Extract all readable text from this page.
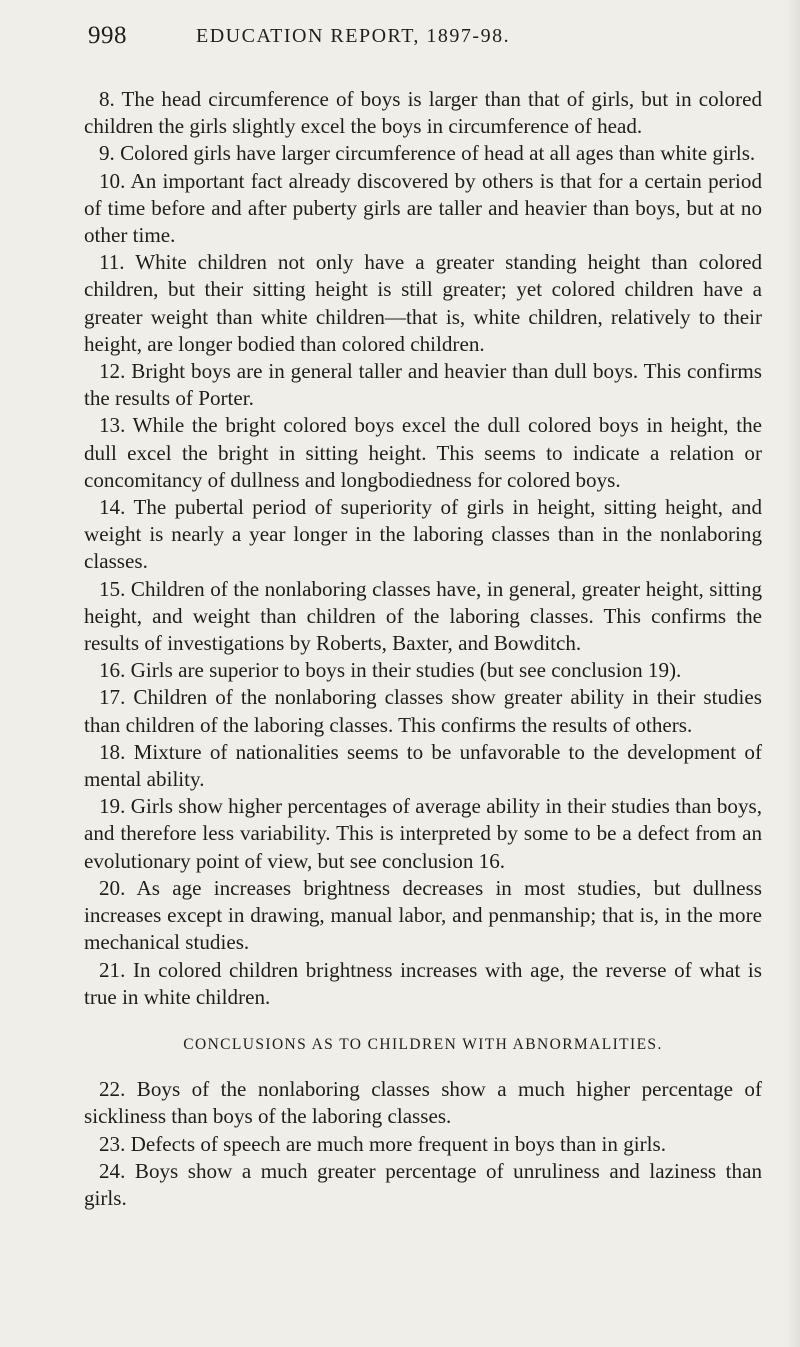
998	EDUCATION REPORT, 1897-98.

8. The head circumference of boys is larger than that of girls, but in colored children the girls slightly excel the boys in circumference of head.

9. Colored girls have larger circumference of head at all ages than white girls.

10. An important fact already discovered by others is that for a certain period of time before and after puberty girls are taller and heavier than boys, but at no other time.

11. White children not only have a greater standing height than colored children, but their sitting height is still greater; yet colored children have a greater weight than white children—that is, white children, relatively to their height, are longer bodied than colored children.

12. Bright boys are in general taller and heavier than dull boys. This confirms the results of Porter.

13. While the bright colored boys excel the dull colored boys in height, the dull excel the bright in sitting height. This seems to indicate a relation or concomitancy of dullness and longbodiedness for colored boys.

14. The pubertal period of superiority of girls in height, sitting height, and weight is nearly a year longer in the laboring classes than in the nonlaboring classes.

15. Children of the nonlaboring classes have, in general, greater height, sitting height, and weight than children of the laboring classes. This confirms the results of investigations by Roberts, Baxter, and Bowditch.

16. Girls are superior to boys in their studies (but see conclusion 19).

17. Children of the nonlaboring classes show greater ability in their studies than children of the laboring classes. This confirms the results of others.

18. Mixture of nationalities seems to be unfavorable to the development of mental ability.

19. Girls show higher percentages of average ability in their studies than boys, and therefore less variability. This is interpreted by some to be a defect from an evolutionary point of view, but see conclusion 16.

20. As age increases brightness decreases in most studies, but dullness increases except in drawing, manual labor, and penmanship; that is, in the more mechanical studies.

21. In colored children brightness increases with age, the reverse of what is true in white children.

CONCLUSIONS AS TO CHILDREN WITH ABNORMALITIES.

22. Boys of the nonlaboring classes show a much higher percentage of sickliness than boys of the laboring classes.

23. Defects of speech are much more frequent in boys than in girls.

24. Boys show a much greater percentage of unruliness and laziness than girls.
